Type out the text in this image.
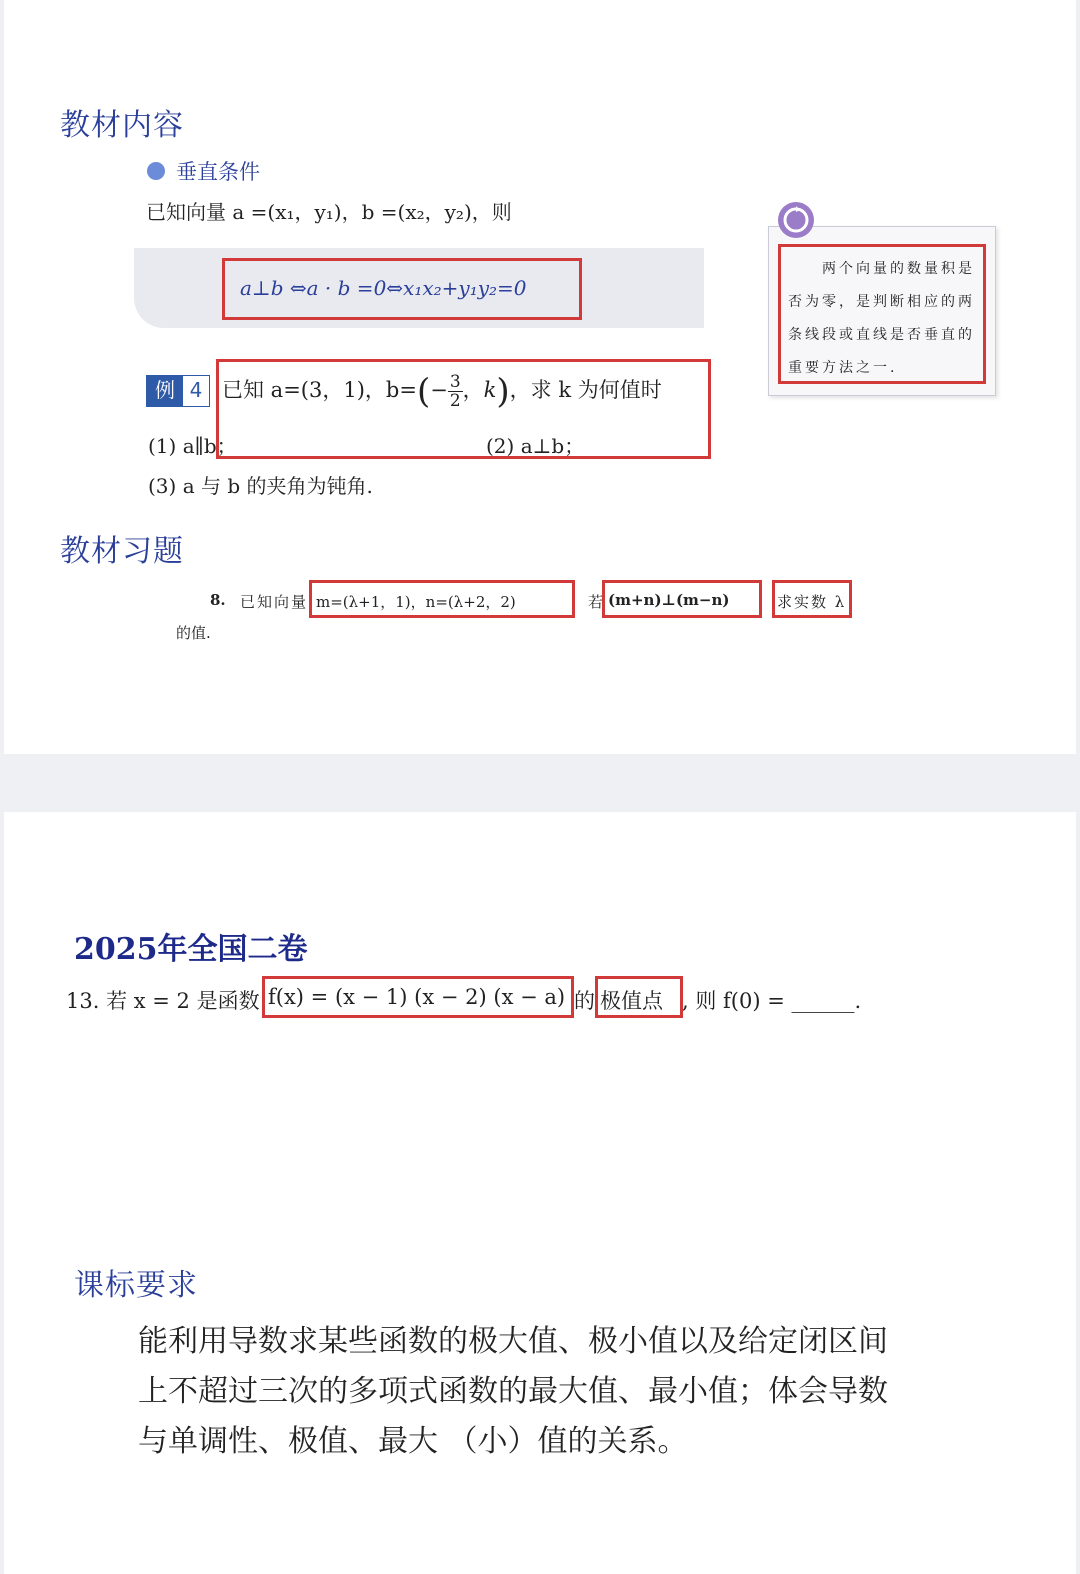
教材内容
垂直条件
已知向量 a =(x₁，y₁)，b =(x₂，y₂)，则
a⊥b ⇔a · b =0⇔x₁x₂+y₁y₂=0
两个向量的数量积是
否为零，是判断相应的两
条线段或直线是否垂直的
重要方法之一.
例 4 已知 a=(3，1)，$b=(- \frac{3}{2}$ ，k)，求 k 为何值时
(1) a∥b；	(2) a⊥b；
(3) a 与 b 的夹角为钝角.
教材习题
8. 已知向量 m=(λ+1，1)，n=(λ+2，2)	若 (m+n)⊥(m−n)	求实数 λ
的值.
2025年全国二卷
13. 若 x = 2 是函数 f(x) = (x − 1) (x − 2) (x − a) 的 极值点 , 则 f(0) = ______.
课标要求
能利用导数求某些函数的极大值、极小值以及给定闭区间
上不超过三次的多项式函数的最大值、最小值；体会导数
与单调性、极值、最大 （小）值的关系。
